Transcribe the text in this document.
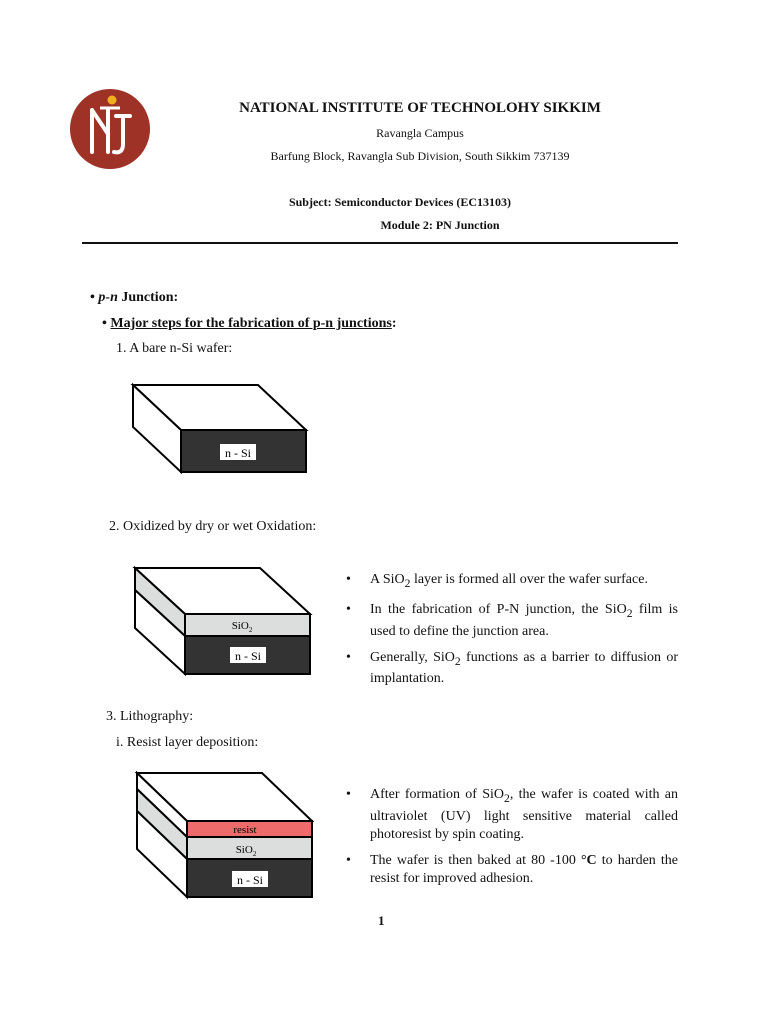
NATIONAL INSTITUTE OF TECHNOLOHY SIKKIM
Ravangla Campus
Barfung Block, Ravangla Sub Division, South Sikkim 737139
Subject: Semiconductor Devices (EC13103)
Module 2: PN Junction
• p-n Junction:
• Major steps for the fabrication of p-n junctions:
1. A bare n-Si wafer:
n - Si
2. Oxidized by dry or wet Oxidation:
SiO$_2$
n - Si
• A SiO$_2$ layer is formed all over the wafer surface.
• In the fabrication of P-N junction, the SiO$_2$ film is used to define the junction area.
• Generally, SiO$_2$ functions as a barrier to diffusion or implantation.
3. Lithography:
i. Resist layer deposition:
resist
SiO$_2$
n - Si
• After formation of SiO$_2$, the wafer is coated with an ultraviolet (UV) light sensitive material called photoresist by spin coating.
• The wafer is then baked at 80 -100 °C to harden the resist for improved adhesion.
1
